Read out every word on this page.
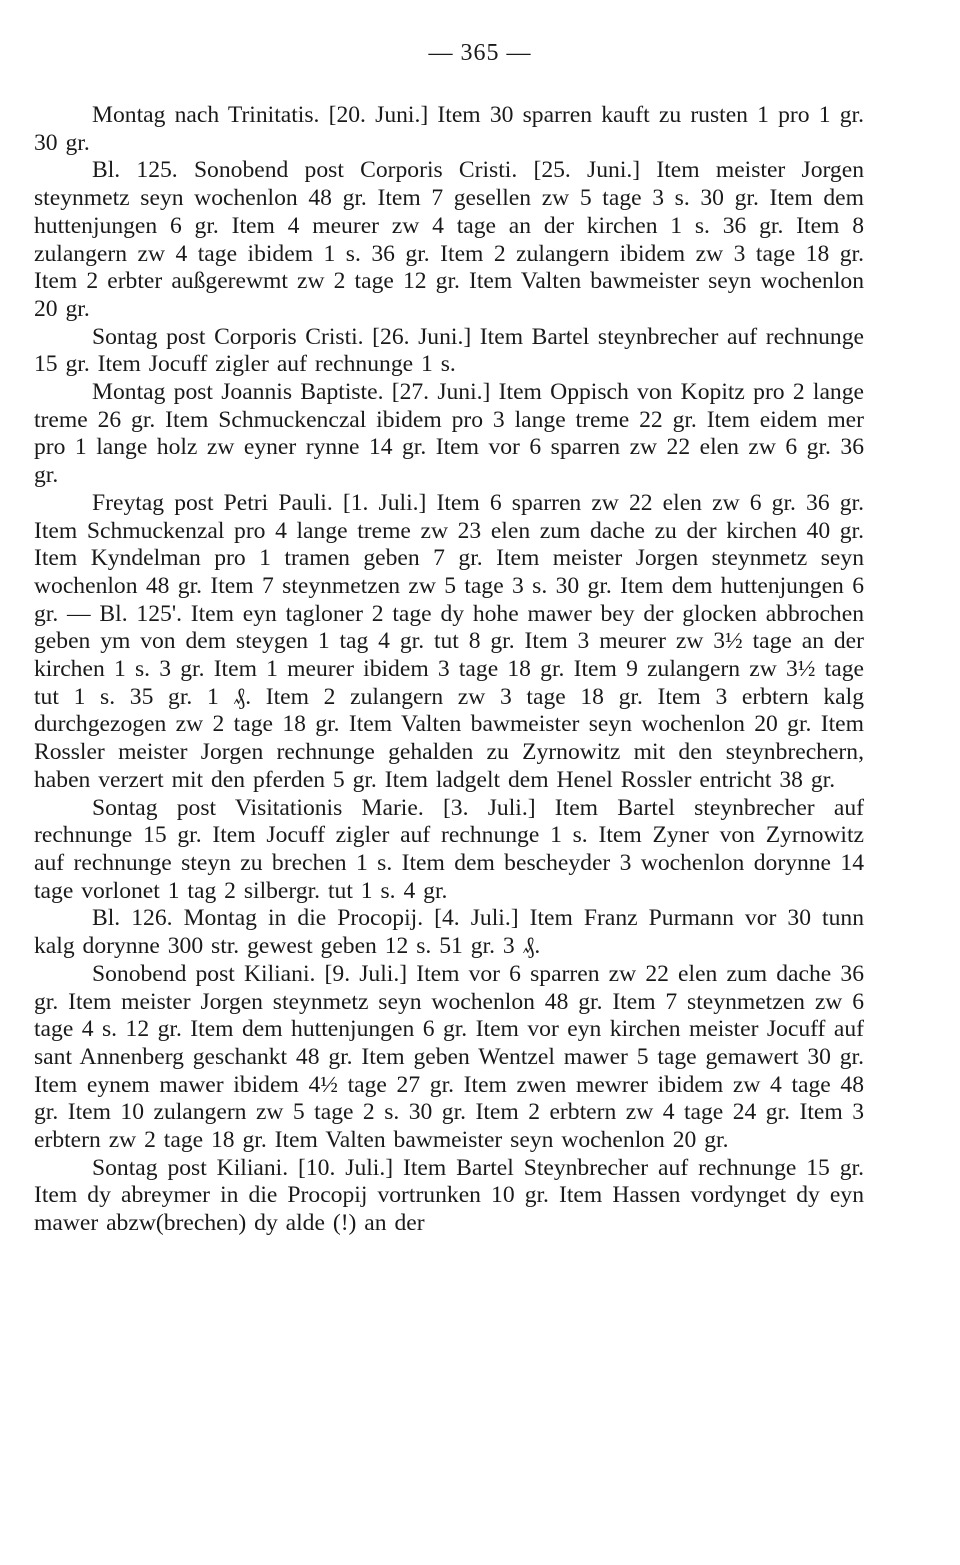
— 365 —

Montag nach Trinitatis. [20. Juni.] Item 30 sparren kauft zu rusten 1 pro 1 gr. 30 gr.

Bl. 125. Sonobend post Corporis Cristi. [25. Juni.] Item meister Jorgen steynmetz seyn wochenlon 48 gr. Item 7 gesellen zw 5 tage 3 s. 30 gr. Item dem huttenjungen 6 gr. Item 4 meurer zw 4 tage an der kirchen 1 s. 36 gr. Item 8 zulangern zw 4 tage ibidem 1 s. 36 gr. Item 2 zulangern ibidem zw 3 tage 18 gr. Item 2 erbter außgerewmt zw 2 tage 12 gr. Item Valten bawmeister seyn wochenlon 20 gr.

Sontag post Corporis Cristi. [26. Juni.] Item Bartel steynbrecher auf rechnunge 15 gr. Item Jocuff zigler auf rechnunge 1 s.

Montag post Joannis Baptiste. [27. Juni.] Item Oppisch von Kopitz pro 2 lange treme 26 gr. Item Schmuckenczal ibidem pro 3 lange treme 22 gr. Item eidem mer pro 1 lange holz zw eyner rynne 14 gr. Item vor 6 sparren zw 22 elen zw 6 gr. 36 gr.

Freytag post Petri Pauli. [1. Juli.] Item 6 sparren zw 22 elen zw 6 gr. 36 gr. Item Schmuckenzal pro 4 lange treme zw 23 elen zum dache zu der kirchen 40 gr. Item Kyndelman pro 1 tramen geben 7 gr. Item meister Jorgen steynmetz seyn wochenlon 48 gr. Item 7 steynmetzen zw 5 tage 3 s. 30 gr. Item dem huttenjungen 6 gr. — Bl. 125'. Item eyn tagloner 2 tage dy hohe mawer bey der glocken abbrochen geben ym von dem steygen 1 tag 4 gr. tut 8 gr. Item 3 meurer zw 3½ tage an der kirchen 1 s. 3 gr. Item 1 meurer ibidem 3 tage 18 gr. Item 9 zulangern zw 3½ tage tut 1 s. 35 gr. 1 ₰. Item 2 zulangern zw 3 tage 18 gr. Item 3 erbtern kalg durchgezogen zw 2 tage 18 gr. Item Valten bawmeister seyn wochenlon 20 gr. Item Rossler meister Jorgen rechnunge gehalden zu Zyrnowitz mit den steynbrechern, haben verzert mit den pferden 5 gr. Item ladgelt dem Henel Rossler entricht 38 gr.

Sontag post Visitationis Marie. [3. Juli.] Item Bartel steynbrecher auf rechnunge 15 gr. Item Jocuff zigler auf rechnunge 1 s. Item Zyner von Zyrnowitz auf rechnunge steyn zu brechen 1 s. Item dem bescheyder 3 wochenlon dorynne 14 tage vorlonet 1 tag 2 silbergr. tut 1 s. 4 gr.

Bl. 126. Montag in die Procopij. [4. Juli.] Item Franz Purmann vor 30 tunn kalg dorynne 300 str. gewest geben 12 s. 51 gr. 3 ₰.

Sonobend post Kiliani. [9. Juli.] Item vor 6 sparren zw 22 elen zum dache 36 gr. Item meister Jorgen steynmetz seyn wochenlon 48 gr. Item 7 steynmetzen zw 6 tage 4 s. 12 gr. Item dem huttenjungen 6 gr. Item vor eyn kirchen meister Jocuff auf sant Annenberg geschankt 48 gr. Item geben Wentzel mawer 5 tage gemawert 30 gr. Item eynem mawer ibidem 4½ tage 27 gr. Item zwen mewrer ibidem zw 4 tage 48 gr. Item 10 zulangern zw 5 tage 2 s. 30 gr. Item 2 erbtern zw 4 tage 24 gr. Item 3 erbtern zw 2 tage 18 gr. Item Valten bawmeister seyn wochenlon 20 gr.

Sontag post Kiliani. [10. Juli.] Item Bartel Steynbrecher auf rechnunge 15 gr. Item dy abreymer in die Procopij vortrunken 10 gr. Item Hassen vordynget dy eyn mawer abzw(brechen) dy alde (!) an der
